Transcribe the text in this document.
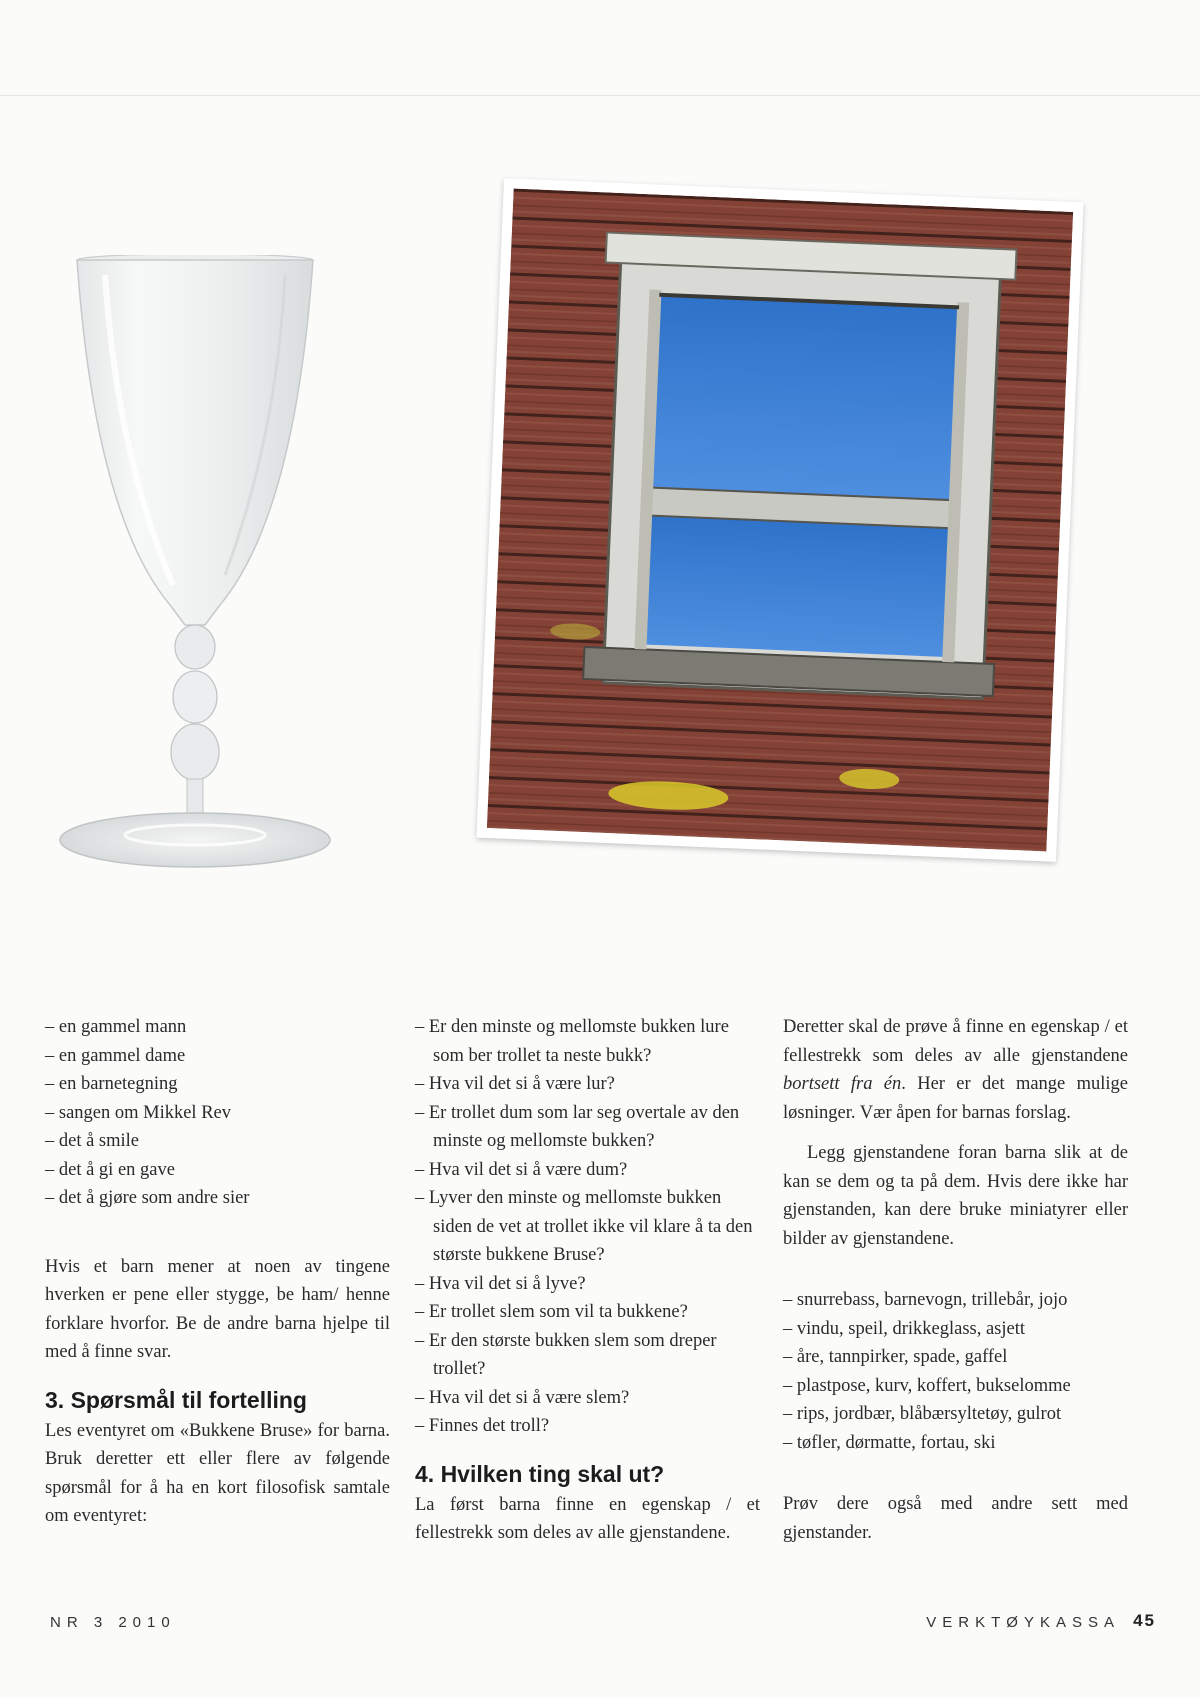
– en gammel mann
– en gammel dame
– en barnetegning
– sangen om Mikkel Rev
– det å smile
– det å gi en gave
– det å gjøre som andre sier

Hvis et barn mener at noen av tingene hverken er pene eller stygge, be ham/ henne forklare hvorfor. Be de andre barna hjelpe til med å finne svar.

3. Spørsmål til fortelling

Les eventyret om «Bukkene Bruse» for barna. Bruk deretter ett eller flere av følgende spørsmål for å ha en kort filosofisk samtale om eventyret:

– Er den minste og mellomste bukken lure som ber trollet ta neste bukk?
– Hva vil det si å være lur?
– Er trollet dum som lar seg overtale av den minste og mellomste bukken?
– Hva vil det si å være dum?
– Lyver den minste og mellomste bukken siden de vet at trollet ikke vil klare å ta den største bukkene Bruse?
– Hva vil det si å lyve?
– Er trollet slem som vil ta bukkene?
– Er den største bukken slem som dreper trollet?
– Hva vil det si å være slem?
– Finnes det troll?
4. Hvilken ting skal ut?

La først barna finne en egenskap / et fellestrekk som deles av alle gjenstandene.

Deretter skal de prøve å finne en egenskap / et fellestrekk som deles av alle gjenstandene bortsett fra én. Her er det mange mulige løsninger. Vær åpen for barnas forslag.

Legg gjenstandene foran barna slik at de kan se dem og ta på dem. Hvis dere ikke har gjenstanden, kan dere bruke miniatyrer eller bilder av gjenstandene.

– snurrebass, barnevogn, trillebår, jojo
– vindu, speil, drikkeglass, asjett
– åre, tannpirker, spade, gaffel
– plastpose, kurv, koffert, bukselomme
– rips, jordbær, blåbærsyltetøy, gulrot
– tøfler, dørmatte, fortau, ski

Prøv dere også med andre sett med gjenstander.

NR 3 2010	VERKTØYKASSA 45
